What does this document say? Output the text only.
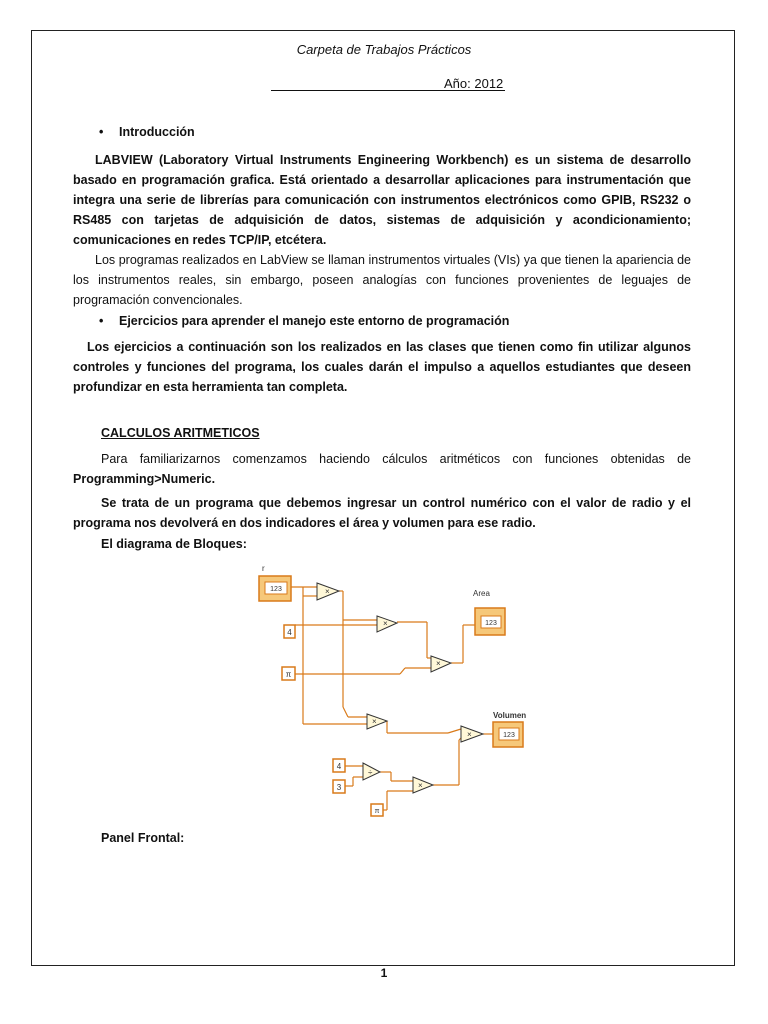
Carpeta de Trabajos Prácticos
Año: 2012
• Introducción
LABVIEW (Laboratory Virtual Instruments Engineering Workbench) es un sistema de desarrollo basado en programación grafica. Está orientado a desarrollar aplicaciones para instrumentación que integra una serie de librerías para comunicación con instrumentos electrónicos como GPIB, RS232 o RS485 con tarjetas de adquisición de datos, sistemas de adquisición y acondicionamiento; comunicaciones en redes TCP/IP, etcétera.
Los programas realizados en LabView se llaman instrumentos virtuales (VIs) ya que tienen la apariencia de los instrumentos reales, sin embargo, poseen analogías con funciones provenientes de leguajes de programación convencionales.
• Ejercicios para aprender el manejo este entorno de programación
Los ejercicios a continuación son los realizados en las clases que tienen como fin utilizar algunos controles y funciones del programa, los cuales darán el impulso a aquellos estudiantes que deseen profundizar en esta herramienta tan completa.
CALCULOS ARITMETICOS
Para familiarizarnos comenzamos haciendo cálculos aritméticos con funciones obtenidas de Programming>Numeric.
Se trata de un programa que debemos ingresar un control numérico con el valor de radio y el programa nos devolverá en dos indicadores el área y volumen para ese radio.
El diagrama de Bloques:
r
123	×
4
×
π
×
Area
123
×
×
Volumen
123
4
3
÷
×
π
Panel Frontal:
1
